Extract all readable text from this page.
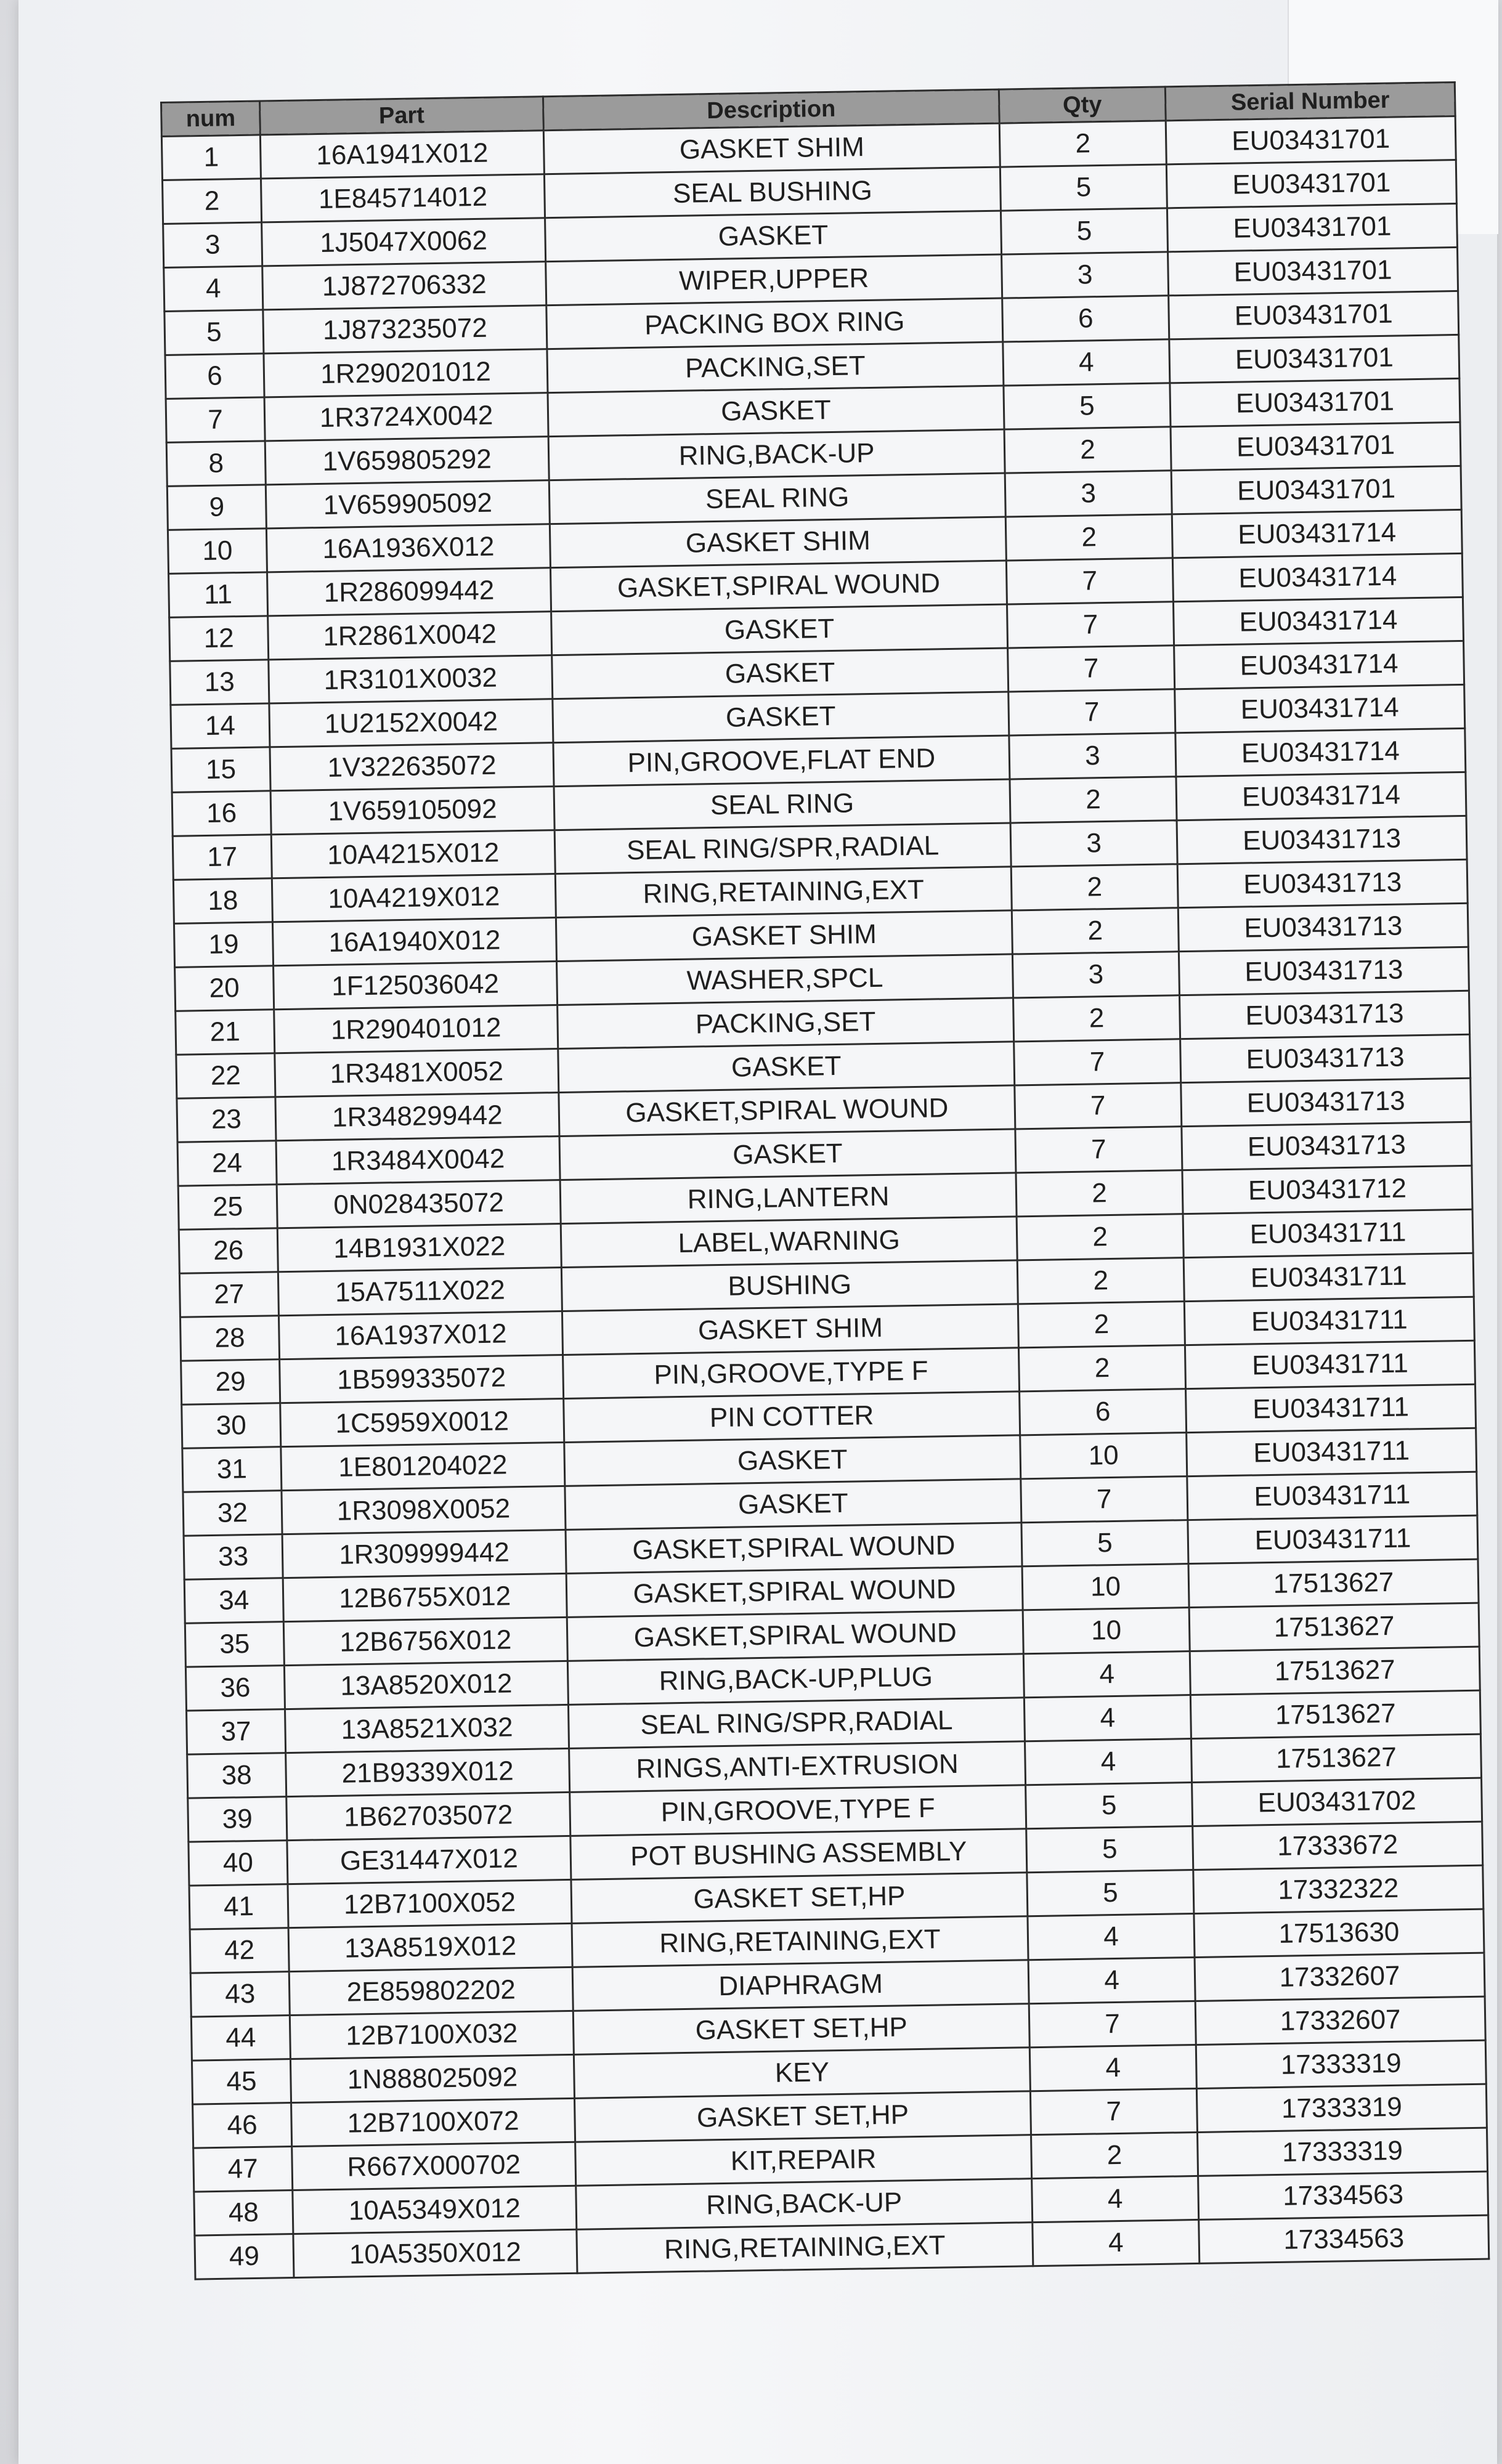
num	Part	Description	Qty	Serial Number
1	16A1941X012	GASKET SHIM	2	EU03431701
2	1E845714012	SEAL BUSHING	5	EU03431701
3	1J5047X0062	GASKET	5	EU03431701
4	1J872706332	WIPER,UPPER	3	EU03431701
5	1J873235072	PACKING BOX RING	6	EU03431701
6	1R290201012	PACKING,SET	4	EU03431701
7	1R3724X0042	GASKET	5	EU03431701
8	1V659805292	RING,BACK-UP	2	EU03431701
9	1V659905092	SEAL RING	3	EU03431701
10	16A1936X012	GASKET SHIM	2	EU03431714
11	1R286099442	GASKET,SPIRAL WOUND	7	EU03431714
12	1R2861X0042	GASKET	7	EU03431714
13	1R3101X0032	GASKET	7	EU03431714
14	1U2152X0042	GASKET	7	EU03431714
15	1V322635072	PIN,GROOVE,FLAT END	3	EU03431714
16	1V659105092	SEAL RING	2	EU03431714
17	10A4215X012	SEAL RING/SPR,RADIAL	3	EU03431713
18	10A4219X012	RING,RETAINING,EXT	2	EU03431713
19	16A1940X012	GASKET SHIM	2	EU03431713
20	1F125036042	WASHER,SPCL	3	EU03431713
21	1R290401012	PACKING,SET	2	EU03431713
22	1R3481X0052	GASKET	7	EU03431713
23	1R348299442	GASKET,SPIRAL WOUND	7	EU03431713
24	1R3484X0042	GASKET	7	EU03431713
25	0N028435072	RING,LANTERN	2	EU03431712
26	14B1931X022	LABEL,WARNING	2	EU03431711
27	15A7511X022	BUSHING	2	EU03431711
28	16A1937X012	GASKET SHIM	2	EU03431711
29	1B599335072	PIN,GROOVE,TYPE F	2	EU03431711
30	1C5959X0012	PIN COTTER	6	EU03431711
31	1E801204022	GASKET	10	EU03431711
32	1R3098X0052	GASKET	7	EU03431711
33	1R309999442	GASKET,SPIRAL WOUND	5	EU03431711
34	12B6755X012	GASKET,SPIRAL WOUND	10	17513627
35	12B6756X012	GASKET,SPIRAL WOUND	10	17513627
36	13A8520X012	RING,BACK-UP,PLUG	4	17513627
37	13A8521X032	SEAL RING/SPR,RADIAL	4	17513627
38	21B9339X012	RINGS,ANTI-EXTRUSION	4	17513627
39	1B627035072	PIN,GROOVE,TYPE F	5	EU03431702
40	GE31447X012	POT BUSHING ASSEMBLY	5	17333672
41	12B7100X052	GASKET SET,HP	5	17332322
42	13A8519X012	RING,RETAINING,EXT	4	17513630
43	2E859802202	DIAPHRAGM	4	17332607
44	12B7100X032	GASKET SET,HP	7	17332607
45	1N888025092	KEY	4	17333319
46	12B7100X072	GASKET SET,HP	7	17333319
47	R667X000702	KIT,REPAIR	2	17333319
48	10A5349X012	RING,BACK-UP	4	17334563
49	10A5350X012	RING,RETAINING,EXT	4	17334563
